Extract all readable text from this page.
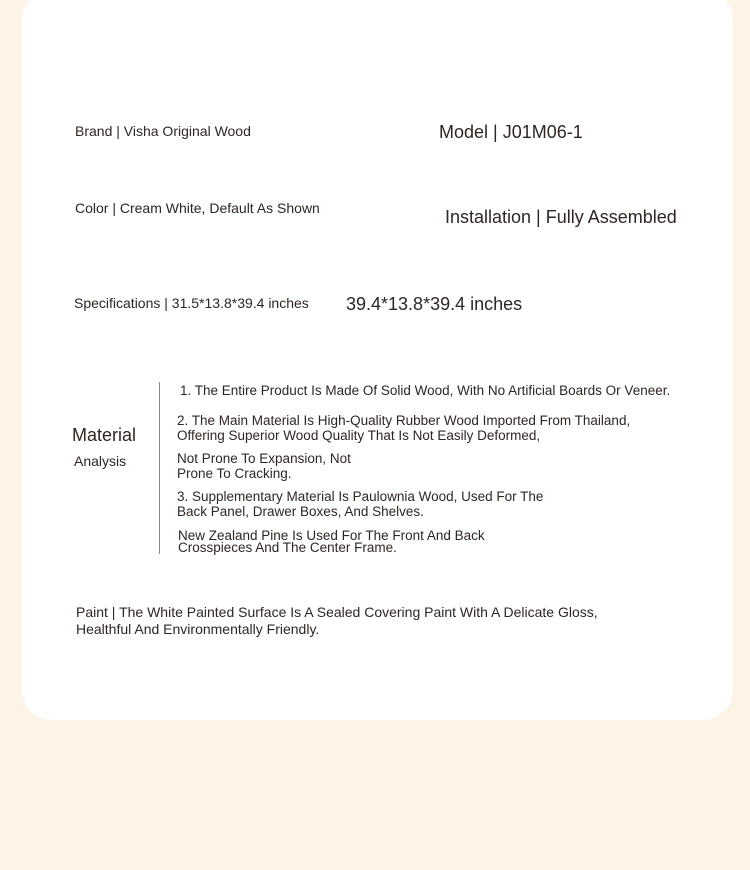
Brand | Visha Original Wood	Model | J01M06-1
Color | Cream White, Default As Shown	Installation | Fully Assembled
Specifications | 31.5*13.8*39.4 inches 39.4*13.8*39.4 inches
Material
Analysis
1. The Entire Product Is Made Of Solid Wood, With No Artificial Boards Or Veneer.
2. The Main Material Is High-Quality Rubber Wood Imported From Thailand, Offering Superior Wood Quality That Is Not Easily Deformed,
Not Prone To Expansion, Not Prone To Cracking.
3. Supplementary Material Is Paulownia Wood, Used For The Back Panel, Drawer Boxes, And Shelves.
New Zealand Pine Is Used For The Front And Back Crosspieces And The Center Frame.
Paint | The White Painted Surface Is A Sealed Covering Paint With A Delicate Gloss, Healthful And Environmentally Friendly.
